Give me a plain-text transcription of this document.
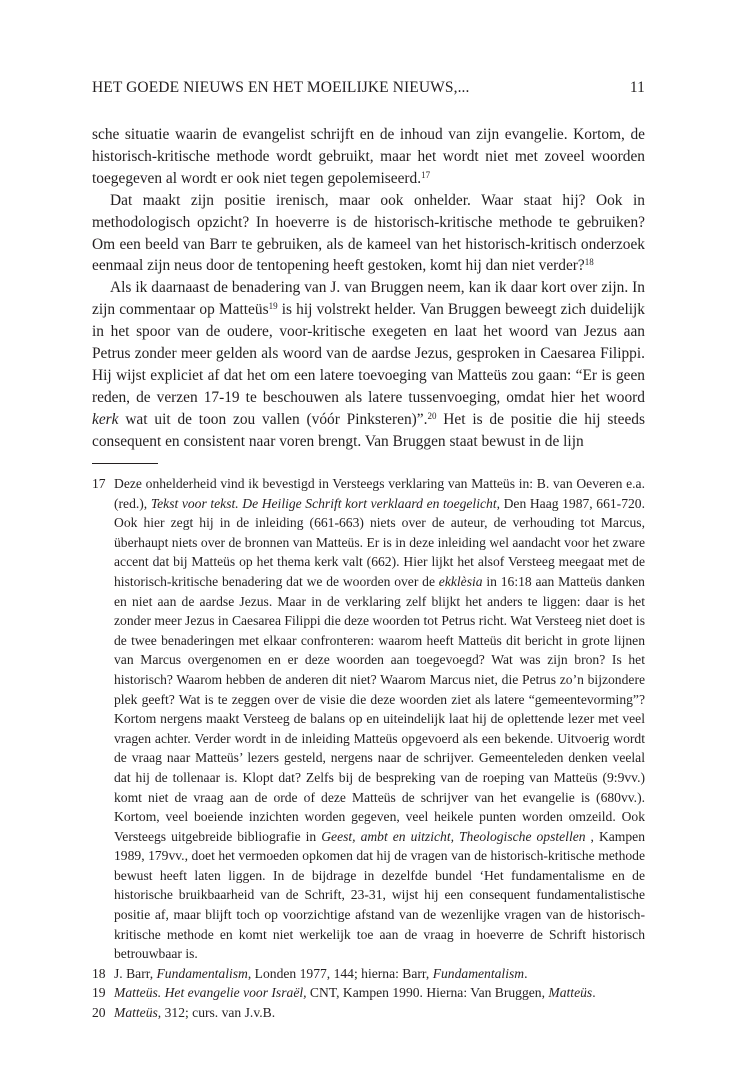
HET GOEDE NIEUWS EN HET MOEILIJKE NIEUWS,...	11

sche situatie waarin de evangelist schrijft en de inhoud van zijn evangelie. Kortom, de historisch-kritische methode wordt gebruikt, maar het wordt niet met zoveel woorden toegegeven al wordt er ook niet tegen gepolemiseerd.$^{17}$

Dat maakt zijn positie irenisch, maar ook onhelder. Waar staat hij? Ook in methodologisch opzicht? In hoeverre is de historisch-kritische methode te gebruiken? Om een beeld van Barr te gebruiken, als de kameel van het historisch-kritisch onderzoek eenmaal zijn neus door de tentopening heeft gestoken, komt hij dan niet verder?$^{18}$

Als ik daarnaast de benadering van J. van Bruggen neem, kan ik daar kort over zijn. In zijn commentaar op Matteüs$^{19}$ is hij volstrekt helder. Van Bruggen beweegt zich duidelijk in het spoor van de oudere, voor-kritische exegeten en laat het woord van Jezus aan Petrus zonder meer gelden als woord van de aardse Jezus, gesproken in Caesarea Filippi. Hij wijst expliciet af dat het om een latere toevoeging van Matteüs zou gaan: “Er is geen reden, de verzen 17-19 te beschouwen als latere tussenvoeging, omdat hier het woord kerk wat uit de toon zou vallen (vóór Pinksteren)”.$^{20}$ Het is de positie die hij steeds consequent en consistent naar voren brengt. Van Bruggen staat bewust in de lijn

17 Deze onhelderheid vind ik bevestigd in Versteegs verklaring van Matteüs in: B. van Oeveren e.a. (red.), Tekst voor tekst. De Heilige Schrift kort verklaard en toegelicht, Den Haag 1987, 661-720. Ook hier zegt hij in de inleiding (661-663) niets over de auteur, de verhouding tot Marcus, überhaupt niets over de bronnen van Matteüs. Er is in deze inleiding wel aandacht voor het zware accent dat bij Matteüs op het thema kerk valt (662). Hier lijkt het alsof Versteeg meegaat met de historisch-kritische benadering dat we de woorden over de ekklèsia in 16:18 aan Matteüs danken en niet aan de aardse Jezus. Maar in de verklaring zelf blijkt het anders te liggen: daar is het zonder meer Jezus in Caesarea Filippi die deze woorden tot Petrus richt. Wat Versteeg niet doet is de twee benaderingen met elkaar confronteren: waarom heeft Matteüs dit bericht in grote lijnen van Marcus overgenomen en er deze woorden aan toegevoegd? Wat was zijn bron? Is het historisch? Waarom hebben de anderen dit niet? Waarom Marcus niet, die Petrus zo’n bijzondere plek geeft? Wat is te zeggen over de visie die deze woorden ziet als latere “gemeentevorming”? Kortom nergens maakt Versteeg de balans op en uiteindelijk laat hij de oplettende lezer met veel vragen achter. Verder wordt in de inleiding Matteüs opgevoerd als een bekende. Uitvoerig wordt de vraag naar Matteüs’ lezers gesteld, nergens naar de schrijver. Gemeenteleden denken veelal dat hij de tollenaar is. Klopt dat? Zelfs bij de bespreking van de roeping van Matteüs (9:9vv.) komt niet de vraag aan de orde of deze Matteüs de schrijver van het evangelie is (680vv.). Kortom, veel boeiende inzichten worden gegeven, veel heikele punten worden omzeild. Ook Versteegs uitgebreide bibliografie in Geest, ambt en uitzicht, Theologische opstellen , Kampen 1989, 179vv., doet het vermoeden opkomen dat hij de vragen van de historisch-kritische methode bewust heeft laten liggen. In de bijdrage in dezelfde bundel ‘Het fundamentalisme en de historische bruikbaarheid van de Schrift, 23-31, wijst hij een consequent fundamentalistische positie af, maar blijft toch op voorzichtige afstand van de wezenlijke vragen van de historisch-kritische methode en komt niet werkelijk toe aan de vraag in hoeverre de Schrift historisch betrouwbaar is.
18 J. Barr, Fundamentalism, Londen 1977, 144; hierna: Barr, Fundamentalism.
19 Matteüs. Het evangelie voor Israël, CNT, Kampen 1990. Hierna: Van Bruggen, Matteüs.
20 Matteüs, 312; curs. van J.v.B.
